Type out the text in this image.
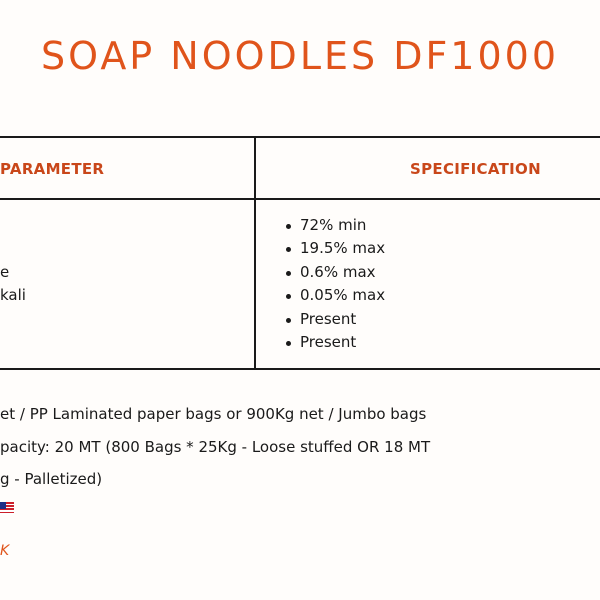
SOAP NOODLES DF1000
PARAMETER	SPECIFICATION
e
kali
72% min
19.5% max
0.6% max
0.05% max
Present
Present
et / PP Laminated paper bags or 900Kg net / Jumbo bags
pacity: 20 MT (800 Bags * 25Kg - Loose stuffed OR 18 MT
g - Palletized)
K
